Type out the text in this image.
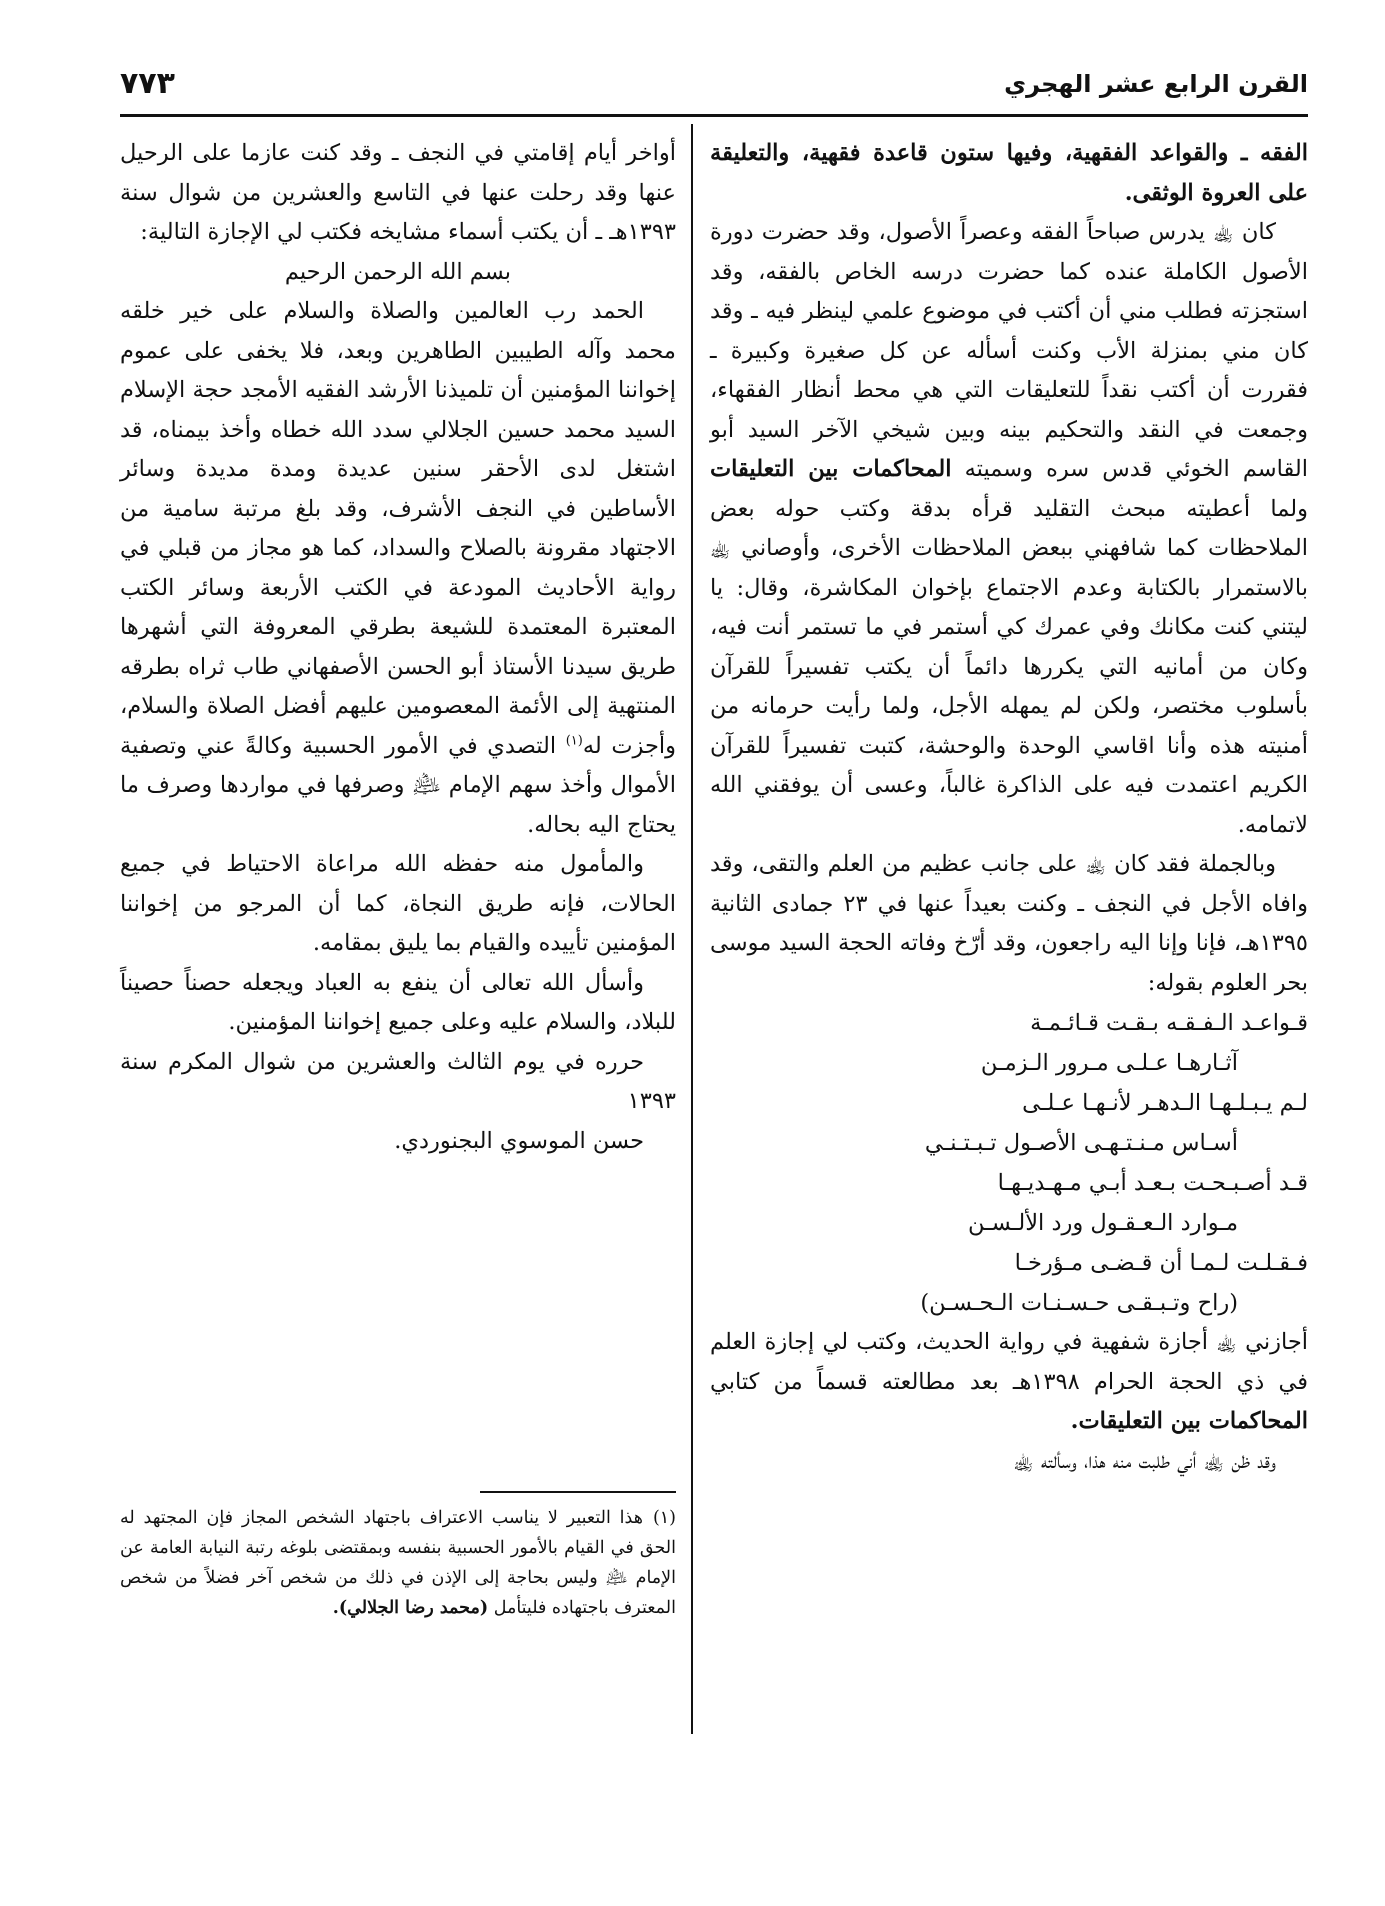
القرن الرابع عشر الهجري
٧٧٣

الفقه ـ والقواعد الفقهية، وفيها ستون قاعدة فقهية، والتعليقة على العروة الوثقى.

كان ﵀ يدرس صباحاً الفقه وعصراً الأصول، وقد حضرت دورة الأصول الكاملة عنده كما حضرت درسه الخاص بالفقه، وقد استجزته فطلب مني أن أكتب في موضوع علمي لينظر فيه ـ وقد كان مني بمنزلة الأب وكنت أسأله عن كل صغيرة وكبيرة ـ فقررت أن أكتب نقداً للتعليقات التي هي محط أنظار الفقهاء، وجمعت في النقد والتحكيم بينه وبين شيخي الآخر السيد أبو القاسم الخوئي قدس سره وسميته المحاكمات بين التعليقات ولما أعطيته مبحث التقليد قرأه بدقة وكتب حوله بعض الملاحظات كما شافهني ببعض الملاحظات الأخرى، وأوصاني ﵀ بالاستمرار بالكتابة وعدم الاجتماع بإخوان المكاشرة، وقال: يا ليتني كنت مكانك وفي عمرك كي أستمر في ما تستمر أنت فيه، وكان من أمانيه التي يكررها دائماً أن يكتب تفسيراً للقرآن بأسلوب مختصر، ولكن لم يمهله الأجل، ولما رأيت حرمانه من أمنيته هذه وأنا اقاسي الوحدة والوحشة، كتبت تفسيراً للقرآن الكريم اعتمدت فيه على الذاكرة غالباً، وعسى أن يوفقني الله لاتمامه.

وبالجملة فقد كان ﵀ على جانب عظيم من العلم والتقى، وقد وافاه الأجل في النجف ـ وكنت بعيداً عنها في ٢٣ جمادى الثانية ١٣٩٥هـ، فإنا وإنا اليه راجعون، وقد أرّخ وفاته الحجة السيد موسى بحر العلوم بقوله:

قـواعـد الـفـقـه بـقـت قـائـمـة
آثـارهـا عـلـى مـرور الـزمـن
لـم يـبـلـهـا الـدهـر لأنـهـا عـلـى
أسـاس مـنـتـهـى الأصـول تـبـتـنـي
قـد أصـبـحـت بـعـد أبـي مـهـديـهـا
مـوارد الـعـقـول ورد الألـسـن
فـقـلـت لـمـا أن قـضـى مـؤرخـا
(راح وتـبـقـى حـسـنـات الـحـسـن)

أجازني ﵀ أجازة شفهية في رواية الحديث، وكتب لي إجازة العلم في ذي الحجة الحرام ١٣٩٨هـ بعد مطالعته قسماً من كتابي المحاكمات بين التعليقات.

وقد ظن ﵀ أني طلبت منه هذا، وسألته ﵀

أواخر أيام إقامتي في النجف ـ وقد كنت عازما على الرحيل عنها وقد رحلت عنها في التاسع والعشرين من شوال سنة ١٣٩٣هـ ـ أن يكتب أسماء مشايخه فكتب لي الإجازة التالية:

بسم الله الرحمن الرحيم

الحمد رب العالمين والصلاة والسلام على خير خلقه محمد وآله الطيبين الطاهرين وبعد، فلا يخفى على عموم إخواننا المؤمنين أن تلميذنا الأرشد الفقيه الأمجد حجة الإسلام السيد محمد حسين الجلالي سدد الله خطاه وأخذ بيمناه، قد اشتغل لدى الأحقر سنين عديدة ومدة مديدة وسائر الأساطين في النجف الأشرف، وقد بلغ مرتبة سامية من الاجتهاد مقرونة بالصلاح والسداد، كما هو مجاز من قبلي في رواية الأحاديث المودعة في الكتب الأربعة وسائر الكتب المعتبرة المعتمدة للشيعة بطرقي المعروفة التي أشهرها طريق سيدنا الأستاذ أبو الحسن الأصفهاني طاب ثراه بطرقه المنتهية إلى الأئمة المعصومين عليهم أفضل الصلاة والسلام، وأجزت له$^{(١)}$ التصدي في الأمور الحسبية وكالةً عني وتصفية الأموال وأخذ سهم الإمام ﵇ وصرفها في مواردها وصرف ما يحتاج اليه بحاله.

والمأمول منه حفظه الله مراعاة الاحتياط في جميع الحالات، فإنه طريق النجاة، كما أن المرجو من إخواننا المؤمنين تأييده والقيام بما يليق بمقامه.

وأسأل الله تعالى أن ينفع به العباد ويجعله حصناً حصيناً للبلاد، والسلام عليه وعلى جميع إخواننا المؤمنين.

حرره في يوم الثالث والعشرين من شوال المكرم سنة ١٣٩٣

حسن الموسوي البجنوردي.

(١)هذا التعبير لا يناسب الاعتراف باجتهاد الشخص المجاز فإن المجتهد له الحق في القيام بالأمور الحسبية بنفسه وبمقتضى بلوغه رتبة النيابة العامة عن الإمام ﵇ وليس بحاجة إلى الإذن في ذلك من شخص آخر فضلاً من شخص المعترف باجتهاده فليتأمل (محمد رضا الجلالي).
